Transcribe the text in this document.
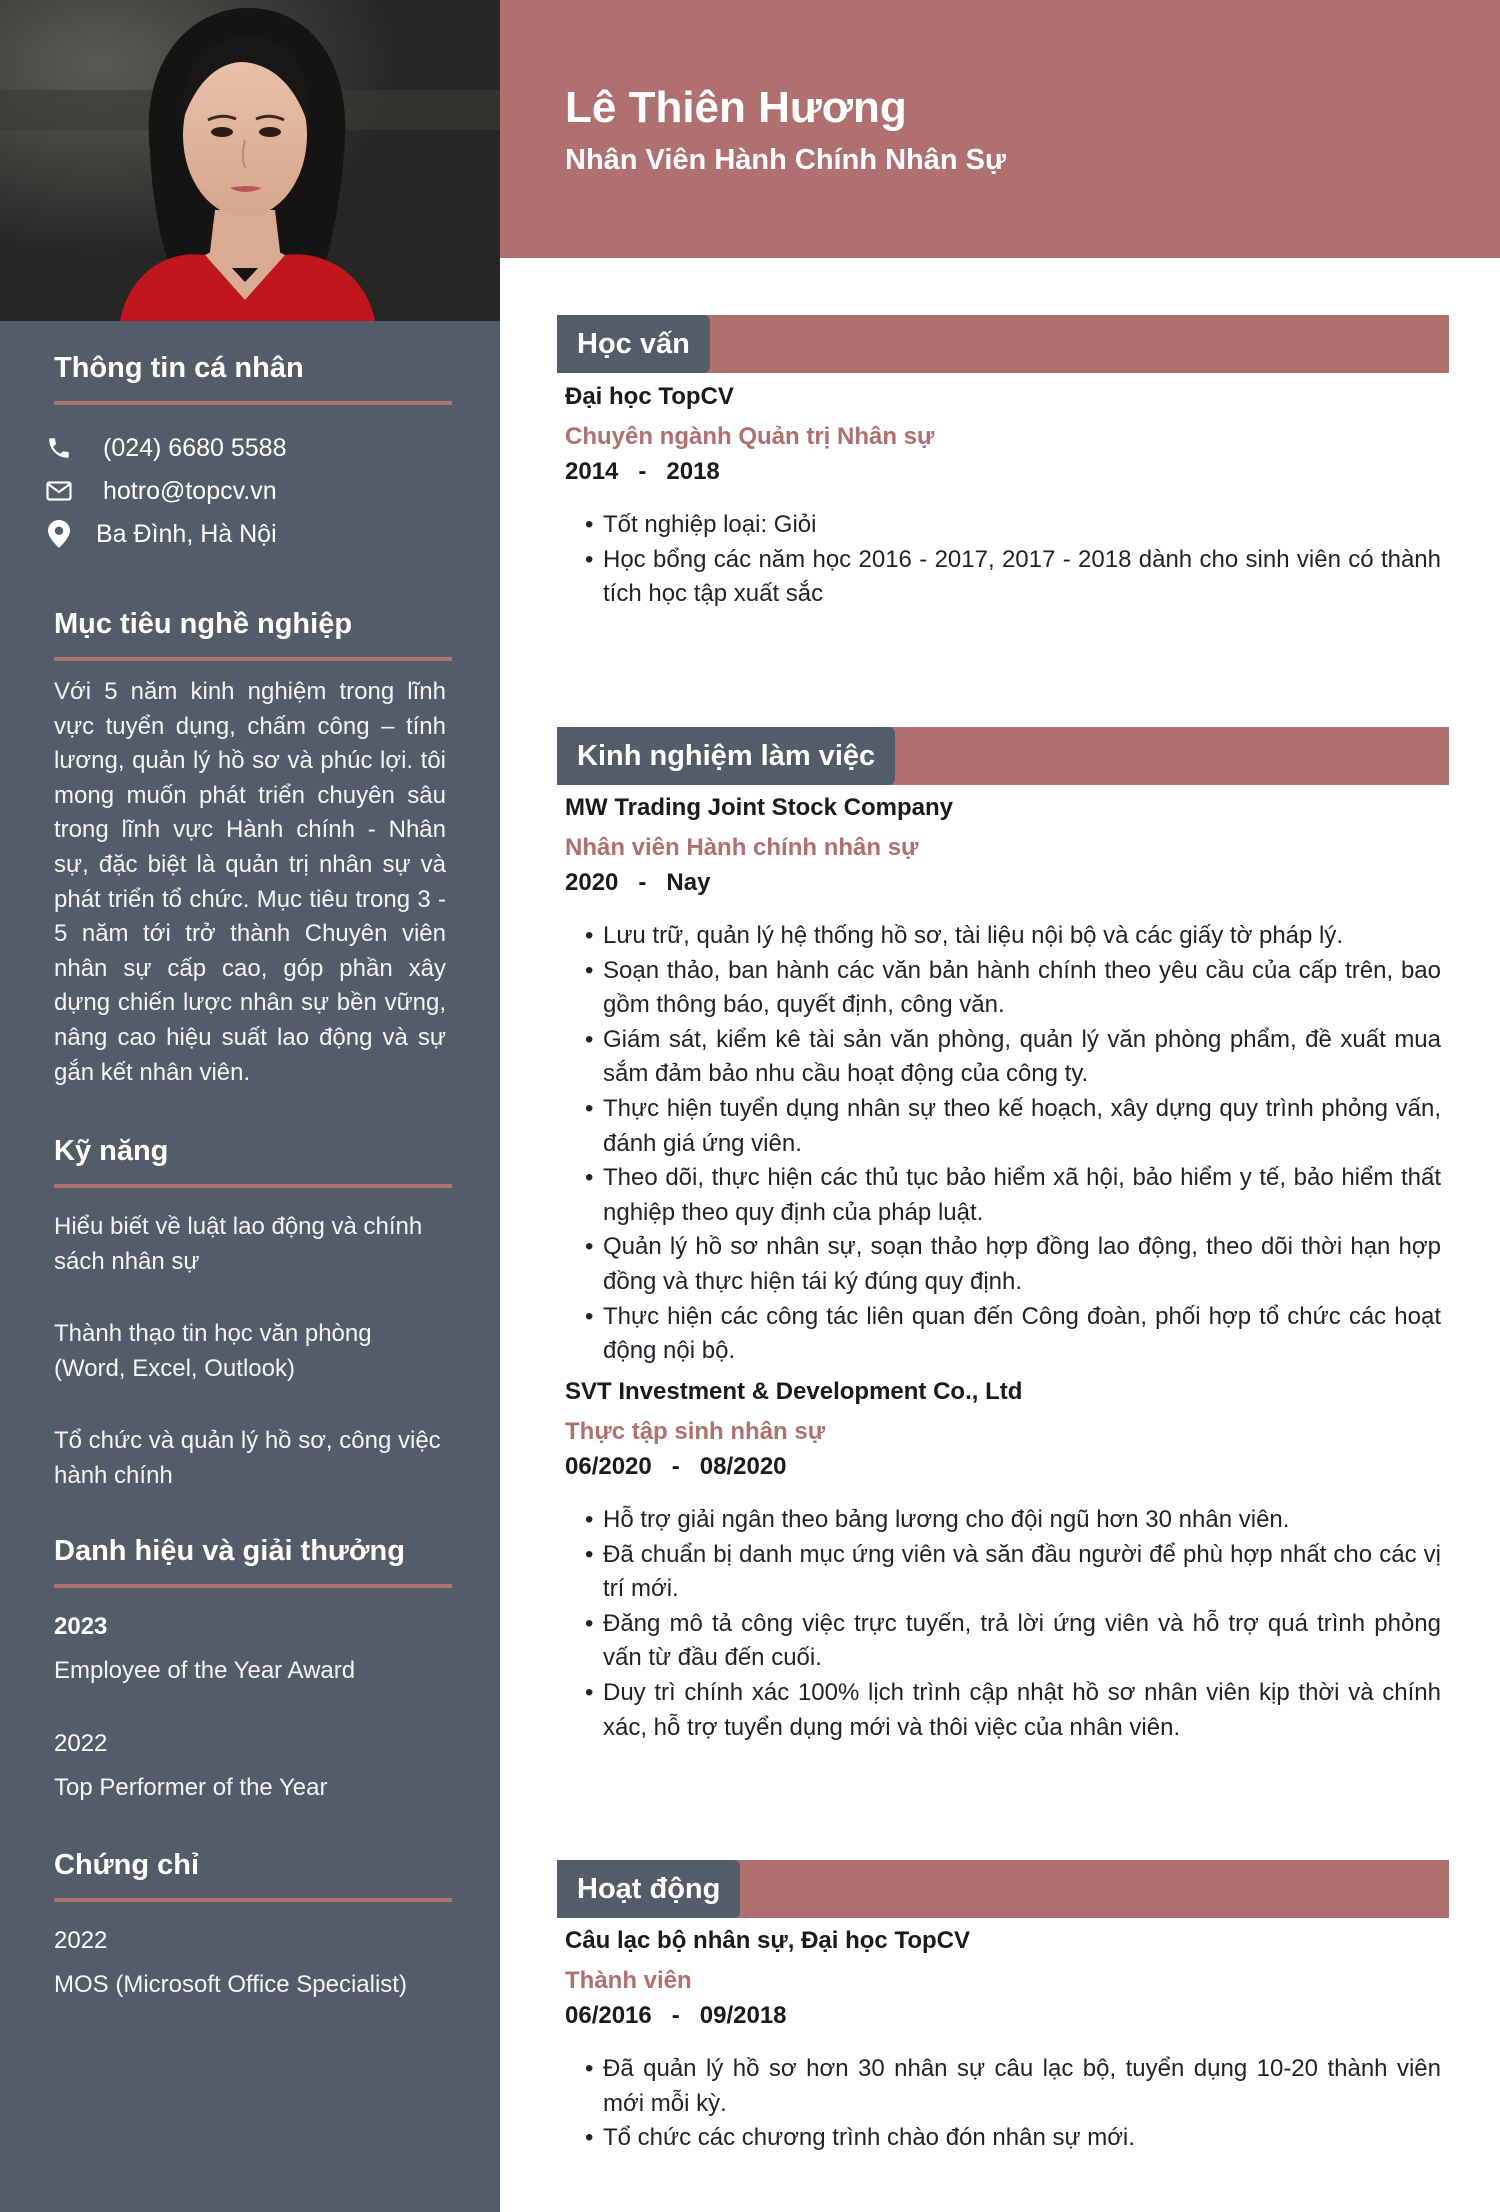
Thông tin cá nhân
(024) 6680 5588
hotro@topcv.vn
Ba Đình, Hà Nội
Mục tiêu nghề nghiệp
Với 5 năm kinh nghiệm trong lĩnh vực tuyển dụng, chấm công – tính lương, quản lý hồ sơ và phúc lợi. tôi mong muốn phát triển chuyên sâu trong lĩnh vực Hành chính - Nhân sự, đặc biệt là quản trị nhân sự và phát triển tổ chức. Mục tiêu trong 3 - 5 năm tới trở thành Chuyên viên nhân sự cấp cao, góp phần xây dựng chiến lược nhân sự bền vững, nâng cao hiệu suất lao động và sự gắn kết nhân viên.
Kỹ năng
Hiểu biết về luật lao động và chính sách nhân sự
Thành thạo tin học văn phòng (Word, Excel, Outlook)
Tổ chức và quản lý hồ sơ, công việc hành chính
Danh hiệu và giải thưởng
2023
Employee of the Year Award
2022
Top Performer of the Year
Chứng chỉ
2022
MOS (Microsoft Office Specialist)
Lê Thiên Hương
Nhân Viên Hành Chính Nhân Sự
Học vấn
Đại học TopCV
Chuyên ngành Quản trị Nhân sự
2014   -   2018
• Tốt nghiệp loại: Giỏi
• Học bổng các năm học 2016 - 2017, 2017 - 2018 dành cho sinh viên có thành tích học tập xuất sắc
Kinh nghiệm làm việc
MW Trading Joint Stock Company
Nhân viên Hành chính nhân sự
2020   -   Nay
• Lưu trữ, quản lý hệ thống hồ sơ, tài liệu nội bộ và các giấy tờ pháp lý.
• Soạn thảo, ban hành các văn bản hành chính theo yêu cầu của cấp trên, bao gồm thông báo, quyết định, công văn.
• Giám sát, kiểm kê tài sản văn phòng, quản lý văn phòng phẩm, đề xuất mua sắm đảm bảo nhu cầu hoạt động của công ty.
• Thực hiện tuyển dụng nhân sự theo kế hoạch, xây dựng quy trình phỏng vấn, đánh giá ứng viên.
• Theo dõi, thực hiện các thủ tục bảo hiểm xã hội, bảo hiểm y tế, bảo hiểm thất nghiệp theo quy định của pháp luật.
• Quản lý hồ sơ nhân sự, soạn thảo hợp đồng lao động, theo dõi thời hạn hợp đồng và thực hiện tái ký đúng quy định.
• Thực hiện các công tác liên quan đến Công đoàn, phối hợp tổ chức các hoạt động nội bộ.
SVT Investment & Development Co., Ltd
Thực tập sinh nhân sự
06/2020   -   08/2020
• Hỗ trợ giải ngân theo bảng lương cho đội ngũ hơn 30 nhân viên.
• Đã chuẩn bị danh mục ứng viên và săn đầu người để phù hợp nhất cho các vị trí mới.
• Đăng mô tả công việc trực tuyến, trả lời ứng viên và hỗ trợ quá trình phỏng vấn từ đầu đến cuối.
• Duy trì chính xác 100% lịch trình cập nhật hồ sơ nhân viên kịp thời và chính xác, hỗ trợ tuyển dụng mới và thôi việc của nhân viên.
Hoạt động
Câu lạc bộ nhân sự, Đại học TopCV
Thành viên
06/2016   -   09/2018
• Đã quản lý hồ sơ hơn 30 nhân sự câu lạc bộ, tuyển dụng 10-20 thành viên mới mỗi kỳ.
• Tổ chức các chương trình chào đón nhân sự mới.
